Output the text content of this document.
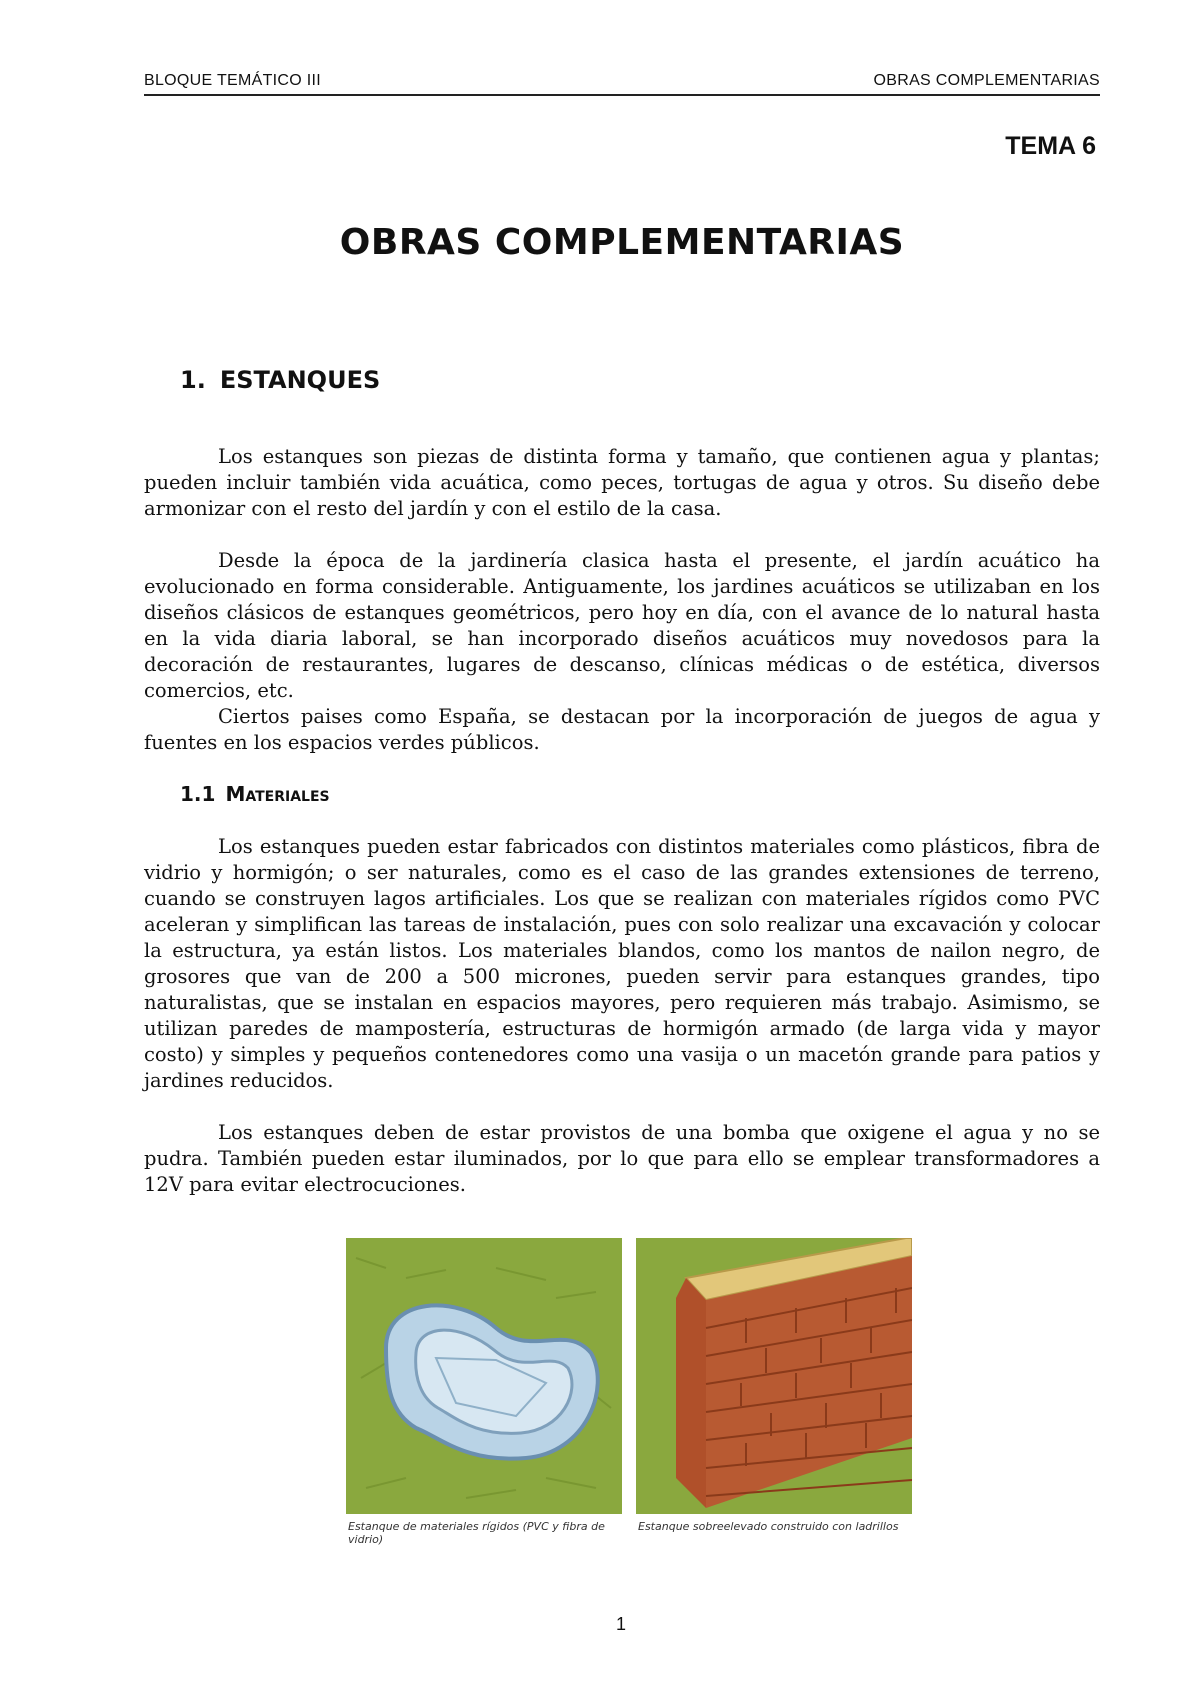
BLOQUE TEMÁTICO III	OBRAS COMPLEMENTARIAS
TEMA 6
OBRAS COMPLEMENTARIAS
1. ESTANQUES

Los estanques son piezas de distinta forma y tamaño, que contienen agua y plantas; pueden incluir también vida acuática, como peces, tortugas de agua y otros. Su diseño debe armonizar con el resto del jardín y con el estilo de la casa.

Desde la época de la jardinería clasica hasta el presente, el jardín acuático ha evolucionado en forma considerable. Antiguamente, los jardines acuáticos se utilizaban en los diseños clásicos de estanques geométricos, pero hoy en día, con el avance de lo natural hasta en la vida diaria laboral, se han incorporado diseños acuáticos muy novedosos para la decoración de restaurantes, lugares de descanso, clínicas médicas o de estética, diversos comercios, etc.

Ciertos paises como España, se destacan por la incorporación de juegos de agua y fuentes en los espacios verdes públicos.

1.1 Materiales

Los estanques pueden estar fabricados con distintos materiales como plásticos, fibra de vidrio y hormigón; o ser naturales, como es el caso de las grandes extensiones de terreno, cuando se construyen lagos artificiales. Los que se realizan con materiales rígidos como PVC aceleran y simplifican las tareas de instalación, pues con solo realizar una excavación y colocar la estructura, ya están listos. Los materiales blandos, como los mantos de nailon negro, de grosores que van de 200 a 500 micrones, pueden servir para estanques grandes, tipo naturalistas, que se instalan en espacios mayores, pero requieren más trabajo. Asimismo, se utilizan paredes de mampostería, estructuras de hormigón armado (de larga vida y mayor costo) y simples y pequeños contenedores como una vasija o un macetón grande para patios y jardines reducidos.

Los estanques deben de estar provistos de una bomba que oxigene el agua y no se pudra. También pueden estar iluminados, por lo que para ello se emplear transformadores a 12V para evitar electrocuciones.

Estanque de materiales rígidos (PVC y fibra de vidrio)
Estanque sobreelevado construido con ladrillos
1
